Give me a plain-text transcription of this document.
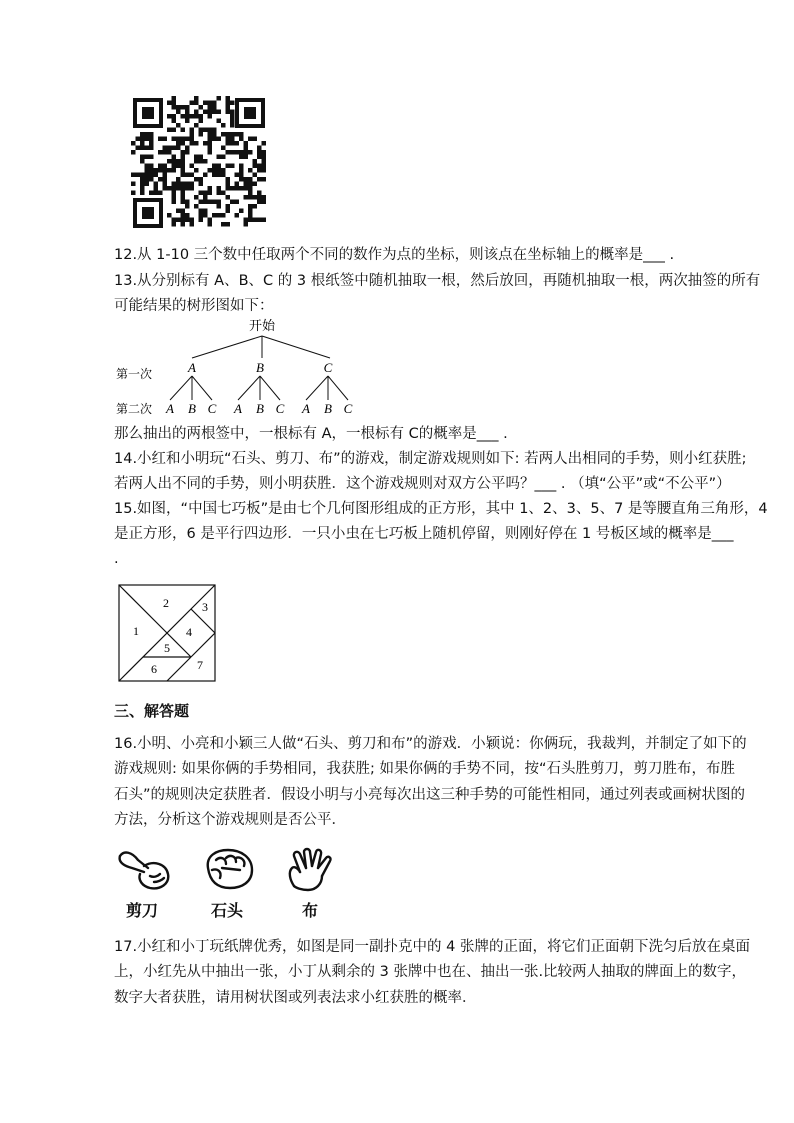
12.从 1-10 三个数中任取两个不同的数作为点的坐标，则该点在坐标轴上的概率是___ .
13.从分别标有 A、B、C 的 3 根纸签中随机抽取一根，然后放回，再随机抽取一根，两次抽签的所有
可能结果的树形图如下：
开始
第一次
第二次
A	B	C
A B C A B C A B C
那么抽出的两根签中，一根标有 A，一根标有 C的概率是___ .
14.小红和小明玩“石头、剪刀、布”的游戏，制定游戏规则如下: 若两人出相同的手势，则小红获胜;
若两人出不同的手势，则小明获胜．这个游戏规则对双方公平吗？___ . （填“公平”或“不公平”）
15.如图，“中国七巧板”是由七个几何图形组成的正方形，其中 1、2、3、5、7 是等腰直角三角形，4
是正方形，6 是平行四边形．一只小虫在七巧板上随机停留，则刚好停在 1 号板区域的概率是___
.
1
2	3
4
5
6	7
三、解答题
16.小明、小亮和小颖三人做“石头、剪刀和布”的游戏．小颖说：你俩玩，我裁判，并制定了如下的
游戏规则: 如果你俩的手势相同，我获胜; 如果你俩的手势不同，按“石头胜剪刀，剪刀胜布，布胜
石头”的规则决定获胜者．假设小明与小亮每次出这三种手势的可能性相同，通过列表或画树状图的
方法，分析这个游戏规则是否公平．
剪刀	石头	布
17.小红和小丁玩纸牌优秀，如图是同一副扑克中的 4 张牌的正面，将它们正面朝下洗匀后放在桌面
上，小红先从中抽出一张，小丁从剩余的 3 张牌中也在、抽出一张.比较两人抽取的牌面上的数字，
数字大者获胜，请用树状图或列表法求小红获胜的概率．
